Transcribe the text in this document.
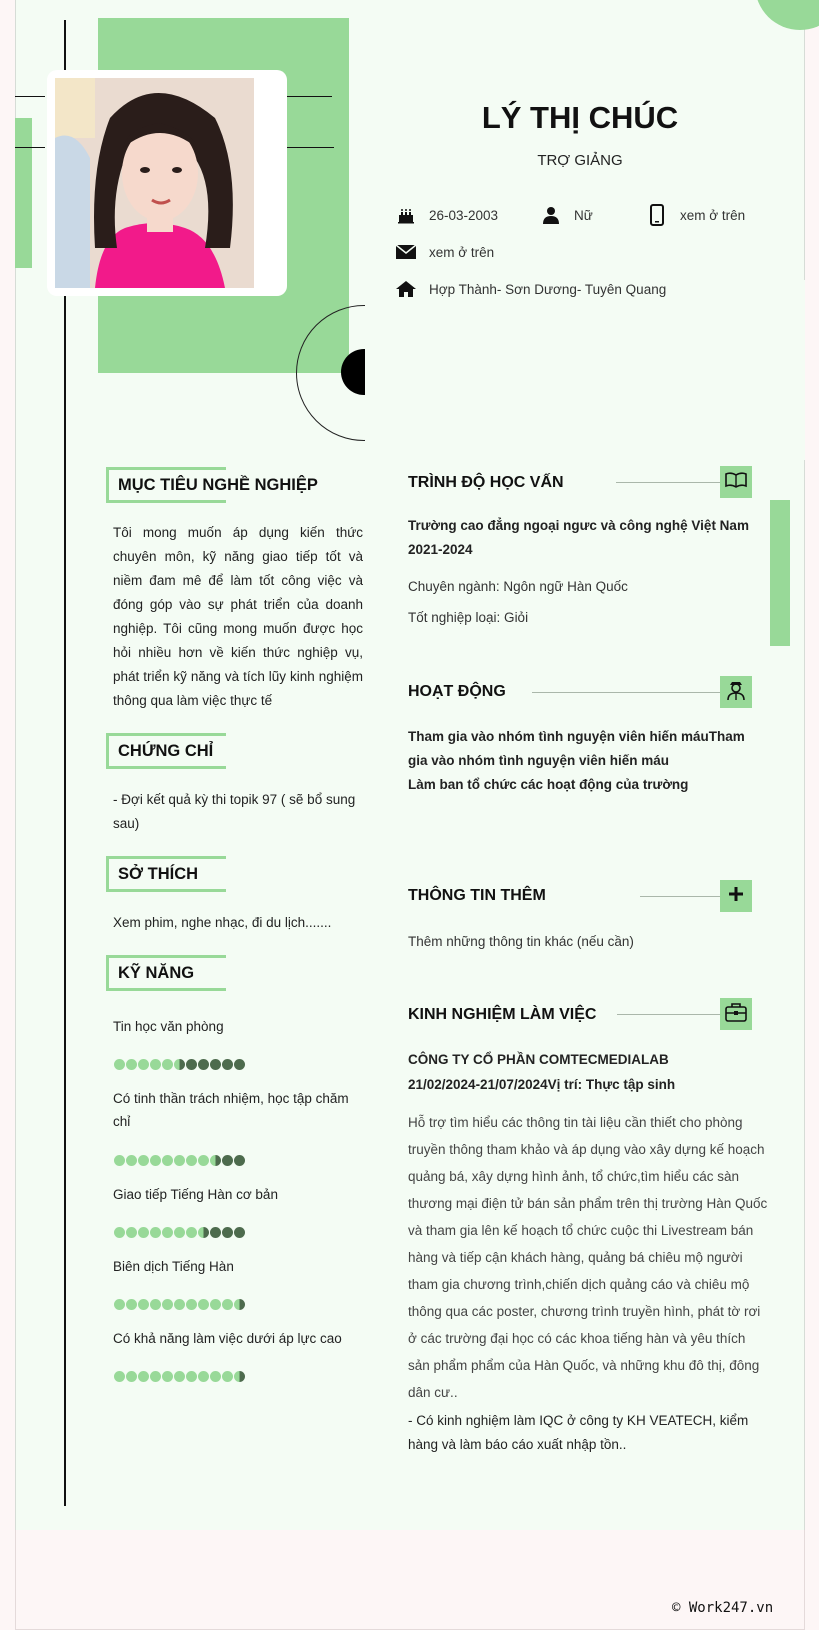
LÝ THỊ CHÚC
TRỢ GIẢNG
26-03-2003	Nữ	xem ở trên
xem ở trên
Hợp Thành- Sơn Dương- Tuyên Quang
MỤC TIÊU NGHỀ NGHIỆP
Tôi mong muốn áp dụng kiến thức chuyên môn, kỹ năng giao tiếp tốt và niềm đam mê để làm tốt công việc và đóng góp vào sự phát triển của doanh nghiệp. Tôi cũng mong muốn được học hỏi nhiều hơn về kiến thức nghiệp vụ, phát triển kỹ năng và tích lũy kinh nghiệm thông qua làm việc thực tế
CHỨNG CHỈ
- Đợi kết quả kỳ thi topik 97 ( sẽ bổ sung sau)
SỞ THÍCH
Xem phim, nghe nhạc, đi du lịch.......
KỸ NĂNG
Tin học văn phòng
Có tinh thần trách nhiệm, học tập chăm chỉ
Giao tiếp Tiếng Hàn cơ bản
Biên dịch Tiếng Hàn
Có khả năng làm việc dưới áp lực cao
TRÌNH ĐỘ HỌC VẤN
Trường cao đẳng ngoại ngưc và công nghệ Việt Nam
2021-2024
Chuyên ngành: Ngôn ngữ Hàn Quốc
Tốt nghiệp loại: Giỏi
HOẠT ĐỘNG
Tham gia vào nhóm tình nguyện viên hiến máuTham gia vào nhóm tình nguyện viên hiến máu
Làm ban tổ chức các hoạt động của trường
THÔNG TIN THÊM
Thêm những thông tin khác (nếu cần)
KINH NGHIỆM LÀM VIỆC
CÔNG TY CỔ PHẦN COMTECMEDIALAB
21/02/2024-21/07/2024Vị trí: Thực tập sinh
Hỗ trợ tìm hiểu các thông tin tài liệu cần thiết cho phòng truyền thông tham khảo và áp dụng vào xây dựng kế hoạch quảng bá, xây dựng hình ảnh, tổ chức,tìm hiểu các sàn thương mại điện tử bán sản phẩm trên thị trường Hàn Quốc và tham gia lên kế hoạch tổ chức cuộc thi Livestream bán hàng và tiếp cận khách hàng, quảng bá chiêu mộ người tham gia chương trình,chiến dịch quảng cáo và chiêu mộ thông qua các poster, chương trình truyền hình, phát tờ rơi ở các trường đại học có các khoa tiếng hàn và yêu thích sản phẩm phẩm của Hàn Quốc, và những khu đô thị, đông dân cư..
- Có kinh nghiệm làm IQC ở công ty KH VEATECH, kiểm hàng và làm báo cáo xuất nhập tồn..
© Work247.vn
